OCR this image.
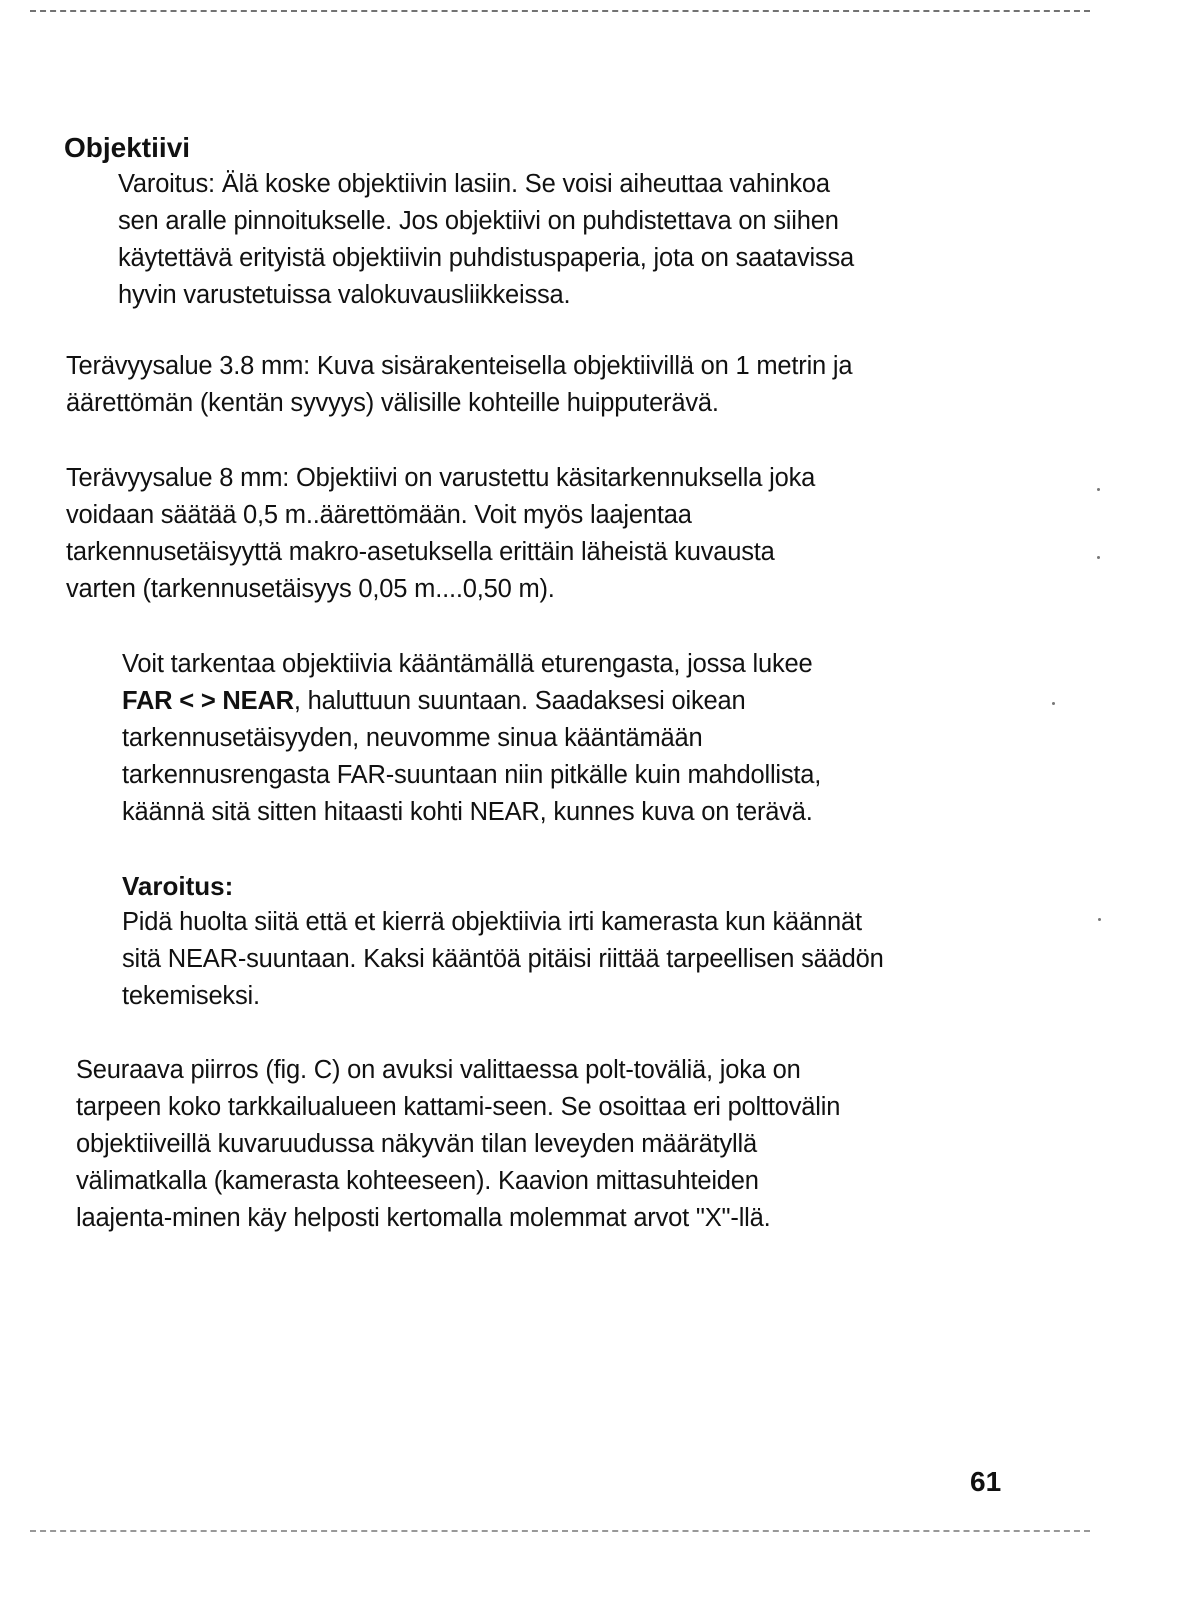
Objektiivi
Varoitus: Älä koske objektiivin lasiin. Se voisi aiheuttaa vahinkoa
sen aralle pinnoitukselle. Jos objektiivi on puhdistettava on siihen
käytettävä erityistä objektiivin puhdistuspaperia, jota on saatavissa
hyvin varustetuissa valokuvausliikkeissa.
Terävyysalue 3.8 mm: Kuva sisärakenteisella objektiivillä on 1 metrin ja
äärettömän (kentän syvyys) välisille kohteille huipputerävä.
Terävyysalue 8 mm: Objektiivi on varustettu käsitarkennuksella joka
voidaan säätää 0,5 m..äärettömään. Voit myös laajentaa
tarkennusetäisyyttä makro-asetuksella erittäin läheistä kuvausta
varten (tarkennusetäisyys 0,05 m....0,50 m).
Voit tarkentaa objektiivia kääntämällä eturengasta, jossa lukee
FAR < > NEAR, haluttuun suuntaan. Saadaksesi oikean
tarkennusetäisyyden, neuvomme sinua kääntämään
tarkennusrengasta FAR-suuntaan niin pitkälle kuin mahdollista,
käännä sitä sitten hitaasti kohti NEAR, kunnes kuva on terävä.
Varoitus:
Pidä huolta siitä että et kierrä objektiivia irti kamerasta kun käännät
sitä NEAR-suuntaan. Kaksi kääntöä pitäisi riittää tarpeellisen säädön
tekemiseksi.
Seuraava piirros (fig. C) on avuksi valittaessa polt-toväliä, joka on
tarpeen koko tarkkailualueen kattami-seen. Se osoittaa eri polttovälin
objektiiveillä kuvaruudussa näkyvän tilan leveyden määrätyllä
välimatkalla (kamerasta kohteeseen). Kaavion mittasuhteiden
laajenta-minen käy helposti kertomalla molemmat arvot "X"-llä.
61
